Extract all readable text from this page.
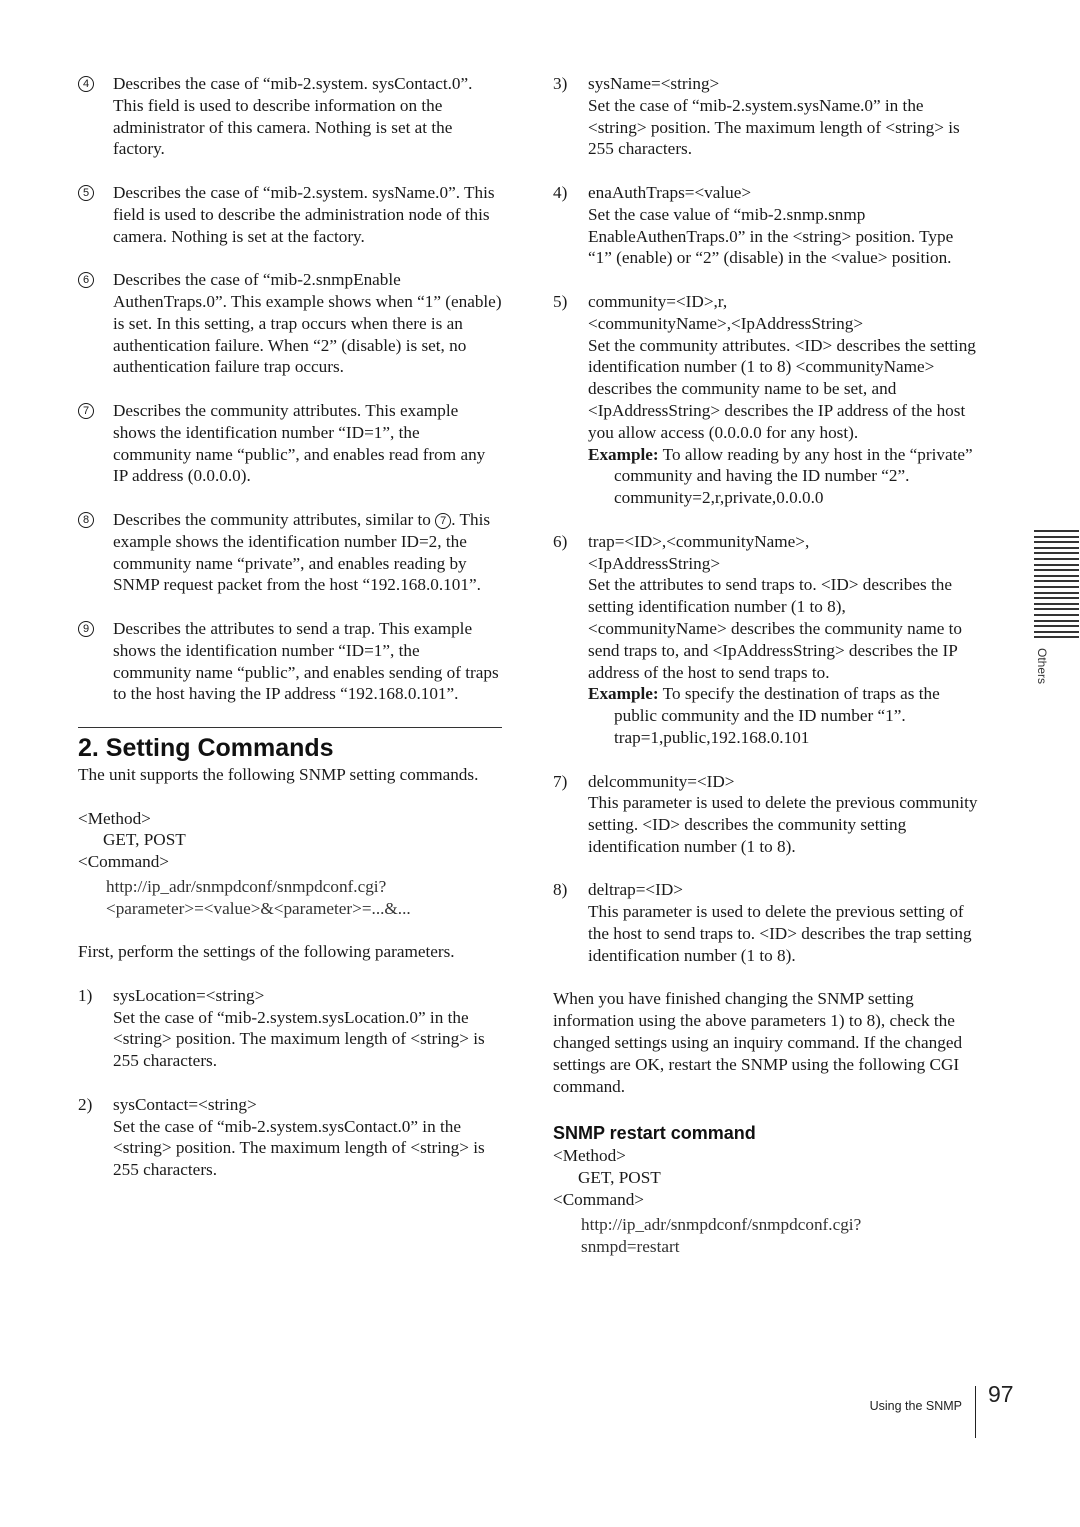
4 Describes the case of “mib-2.system. sysContact.0”. This field is used to describe information on the administrator of this camera. Nothing is set at the factory.

5 Describes the case of “mib-2.system. sysName.0”. This field is used to describe the administration node of this camera. Nothing is set at the factory.

6 Describes the case of “mib-2.snmpEnable AuthenTraps.0”. This example shows when “1” (enable) is set. In this setting, a trap occurs when there is an authentication failure. When “2” (disable) is set, no authentication failure trap occurs.

7 Describes the community attributes. This example shows the identification number “ID=1”, the community name “public”, and enables read from any IP address (0.0.0.0).

8 Describes the community attributes, similar to 7 . This example shows the identification number ID=2, the community name “private”, and enables reading by SNMP request packet from the host “192.168.0.101”.

9 Describes the attributes to send a trap. This example shows the identification number “ID=1”, the community name “public”, and enables sending of traps to the host having the IP address “192.168.0.101”.

2. Setting Commands

The unit supports the following SNMP setting commands.

<Method>

GET, POST

<Command>

http://ip_adr/snmpdconf/snmpdconf.cgi?

<parameter>=<value>&<parameter>=...&...

First, perform the settings of the following parameters.

1) sysLocation=<string>

Set the case of “mib-2.system.sysLocation.0” in the <string> position. The maximum length of <string> is 255 characters.

2) sysContact=<string>

Set the case of “mib-2.system.sysContact.0” in the <string> position. The maximum length of <string> is 255 characters.

3) sysName=<string>

Set the case of “mib-2.system.sysName.0” in the <string> position. The maximum length of <string> is 255 characters.

4) enaAuthTraps=<value>

Set the case value of “mib-2.snmp.snmp EnableAuthenTraps.0” in the <string> position. Type “1” (enable) or “2” (disable) in the <value> position.

5) community=<ID>,r,

<communityName>,<IpAddressString>

Set the community attributes. <ID> describes the setting identification number (1 to 8) <communityName> describes the community name to be set, and <IpAddressString> describes the IP address of the host you allow access (0.0.0.0 for any host).

Example: To allow reading by any host in the “private” community and having the ID number “2”.

community=2,r,private,0.0.0.0

6) trap=<ID>,<communityName>,

<IpAddressString>

Set the attributes to send traps to. <ID> describes the setting identification number (1 to 8), <communityName> describes the community name to send traps to, and <IpAddressString> describes the IP address of the host to send traps to.

Example: To specify the destination of traps as the public community and the ID number “1”.

trap=1,public,192.168.0.101

7) delcommunity=<ID>

This parameter is used to delete the previous community setting. <ID> describes the community setting identification number (1 to 8).

8) deltrap=<ID>

This parameter is used to delete the previous setting of the host to send traps to. <ID> describes the trap setting identification number (1 to 8).

When you have finished changing the SNMP setting information using the above parameters 1) to 8), check the changed settings using an inquiry command. If the changed settings are OK, restart the SNMP using the following CGI command.

SNMP restart command

<Method>

GET, POST

<Command>

http://ip_adr/snmpdconf/snmpdconf.cgi?

snmpd=restart

Others
Using the SNMP 97
